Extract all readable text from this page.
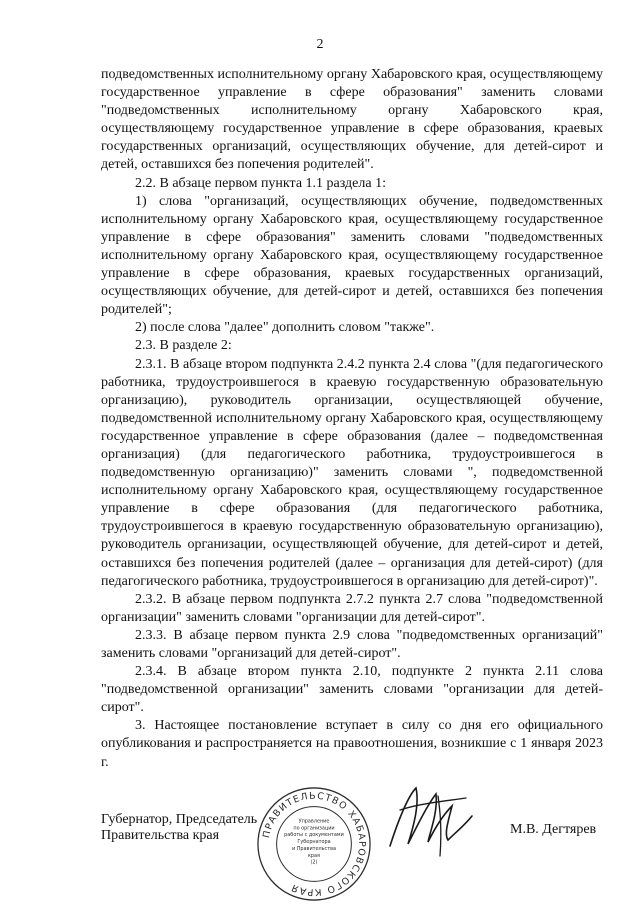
2

подведомственных исполнительному органу Хабаровского края, осуществляющему государственное управление в сфере образования" заменить словами "подведомственных исполнительному органу Хабаровского края, осуществляющему государственное управление в сфере образования, краевых государственных организаций, осуществляющих обучение, для детей-сирот и детей, оставшихся без попечения родителей".

2.2. В абзаце первом пункта 1.1 раздела 1:

1) слова "организаций, осуществляющих обучение, подведомственных исполнительному органу Хабаровского края, осуществляющему государственное управление в сфере образования" заменить словами "подведомственных исполнительному органу Хабаровского края, осуществляющему государственное управление в сфере образования, краевых государственных организаций, осуществляющих обучение, для детей-сирот и детей, оставшихся без попечения родителей";

2) после слова "далее" дополнить словом "также".

2.3. В разделе 2:

2.3.1. В абзаце втором подпункта 2.4.2 пункта 2.4 слова "(для педагогического работника, трудоустроившегося в краевую государственную образовательную организацию), руководитель организации, осуществляющей обучение, подведомственной исполнительному органу Хабаровского края, осуществляющему государственное управление в сфере образования (далее – подведомственная организация) (для педагогического работника, трудоустроившегося в подведомственную организацию)" заменить словами ", подведомственной исполнительному органу Хабаровского края, осуществляющему государственное управление в сфере образования (для педагогического работника, трудоустроившегося в краевую государственную образовательную организацию), руководитель организации, осуществляющей обучение, для детей-сирот и детей, оставшихся без попечения родителей (далее – организация для детей-сирот) (для педагогического работника, трудоустроившегося в организацию для детей-сирот)".

2.3.2. В абзаце первом подпункта 2.7.2 пункта 2.7 слова "подведомственной организации" заменить словами "организации для детей-сирот".

2.3.3. В абзаце первом пункта 2.9 слова "подведомственных организаций" заменить словами "организаций для детей-сирот".

2.3.4. В абзаце втором пункта 2.10, подпункте 2 пункта 2.11 слова "подведомственной организации" заменить словами "организации для детей-сирот".

3. Настоящее постановление вступает в силу со дня его официального опубликования и распространяется на правоотношения, возникшие с 1 января 2023 г.

Губернатор, Председатель
Правительства края	ПРАВИТЕЛЬСТВО ХАБАРОВСКОГО КРАЯ
Управление
по организации
работы с документами
Губернатора
и Правительства
края
(2)
М.В. Дегтярев
